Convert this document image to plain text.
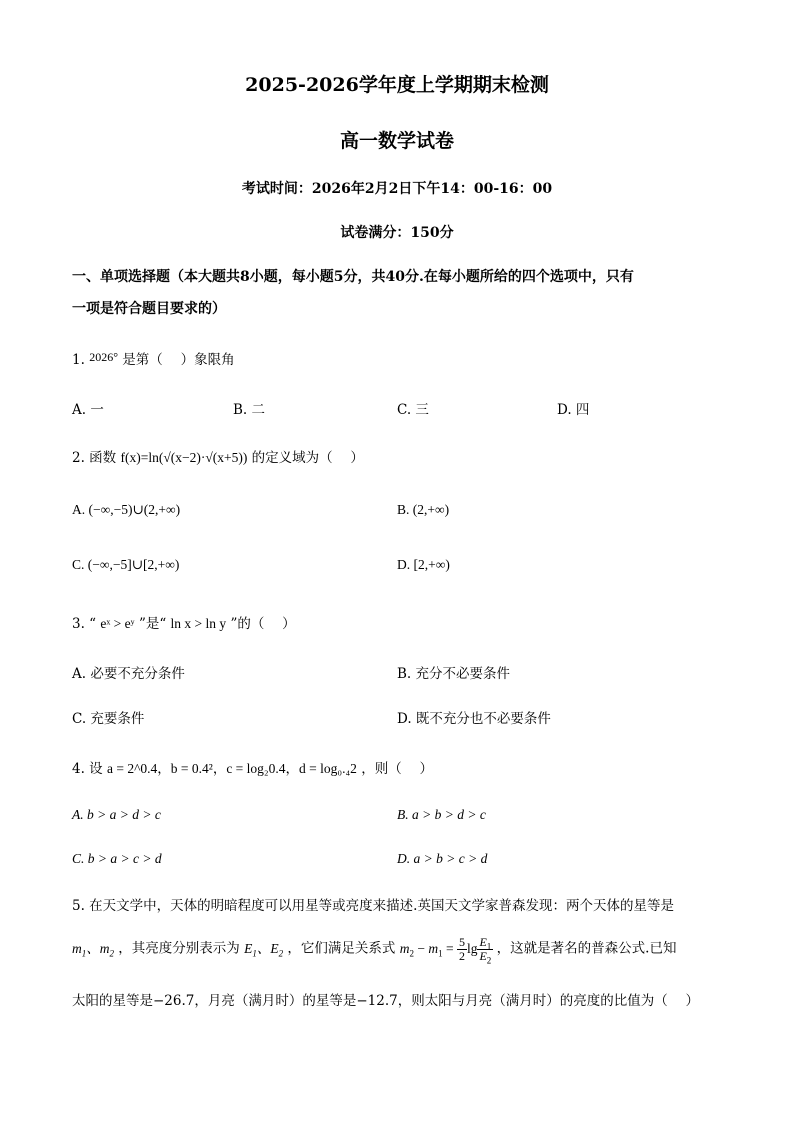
2025-2026学年度上学期期末检测
高一数学试卷
考试时间：2026年2月2日下午14：00-16：00
试卷满分：150分
一、单项选择题（本大题共8小题，每小题5分，共40分.在每小题所给的四个选项中，只有
一项是符合题目要求的）
1. 2026° 是第（　 ）象限角
A. 一	B. 二	C. 三	D. 四
2. 函数 f(x)=ln(√(x−2)·√(x+5)) 的定义域为（　 ）
A. (−∞,−5)∪(2,+∞)	B. (2,+∞)
C. (−∞,−5]∪[2,+∞)	D. [2,+∞)
3. “ eˣ > eʸ ”是“ ln x > ln y ”的（　 ）
A. 必要不充分条件	B. 充分不必要条件
C. 充要条件	D. 既不充分也不必要条件
4. 设 a = 2^0.4，b = 0.4²，c = log₂0.4，d = log₀.₄2 ，则（　 ）
A. b > a > d > c	B. a > b > d > c
C. b > a > c > d	D. a > b > c > d
5. 在天文学中，天体的明暗程度可以用星等或亮度来描述.英国天文学家普森发现：两个天体的星等是
$m_1$、$m_2$ ，其亮度分别表示为 $E_1$、$E_2$ ，它们满足关系式 $m_2 - m_1 = \frac{5}{2}$ $\lg \frac{E_1}{E_2}$ ，这就是著名的普森公式.已知
太阳的星等是−26.7，月亮（满月时）的星等是−12.7，则太阳与月亮（满月时）的亮度的比值为（　 ）
